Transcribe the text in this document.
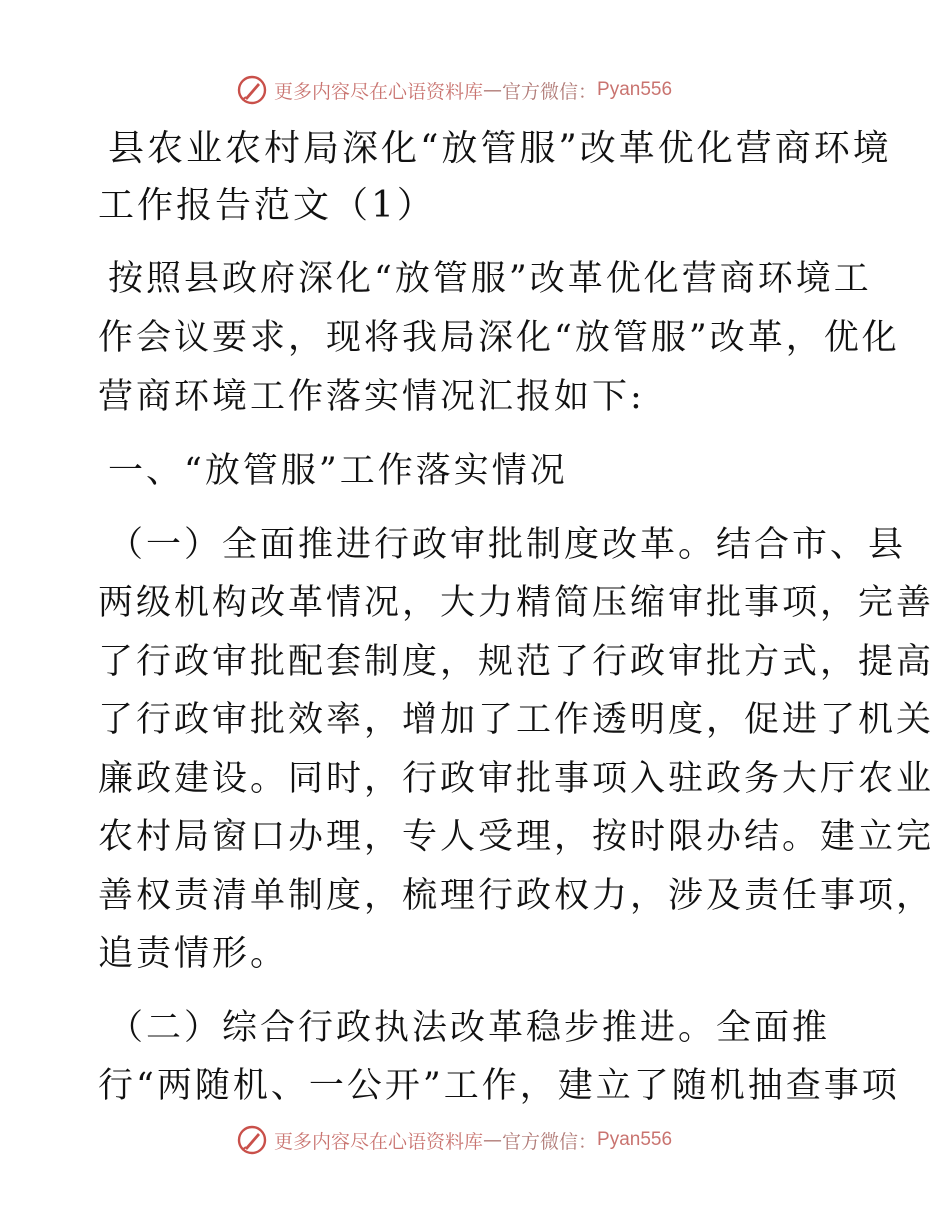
更多内容尽在心语资料库 — 官方微信： Pyan556
县农业农村局深化“放管服”改革优化营商环境
工作报告范文（1）
按照县政府深化“放管服”改革优化营商环境工
作会议要求，现将我局深化“放管服”改革，优化
营商环境工作落实情况汇报如下:
一、“放管服”工作落实情况
（一）全面推进行政审批制度改革。结合市、县
两级机构改革情况，大力精简压缩审批事项，完善
了行政审批配套制度，规范了行政审批方式，提高
了行政审批效率，增加了工作透明度，促进了机关
廉政建设。同时，行政审批事项入驻政务大厅农业
农村局窗口办理，专人受理，按时限办结。建立完
善权责清单制度，梳理行政权力，涉及责任事项，
追责情形。
（二）综合行政执法改革稳步推进。全面推
行“两随机、一公开”工作，建立了随机抽查事项
更多内容尽在心语资料库 — 官方微信： Pyan556
